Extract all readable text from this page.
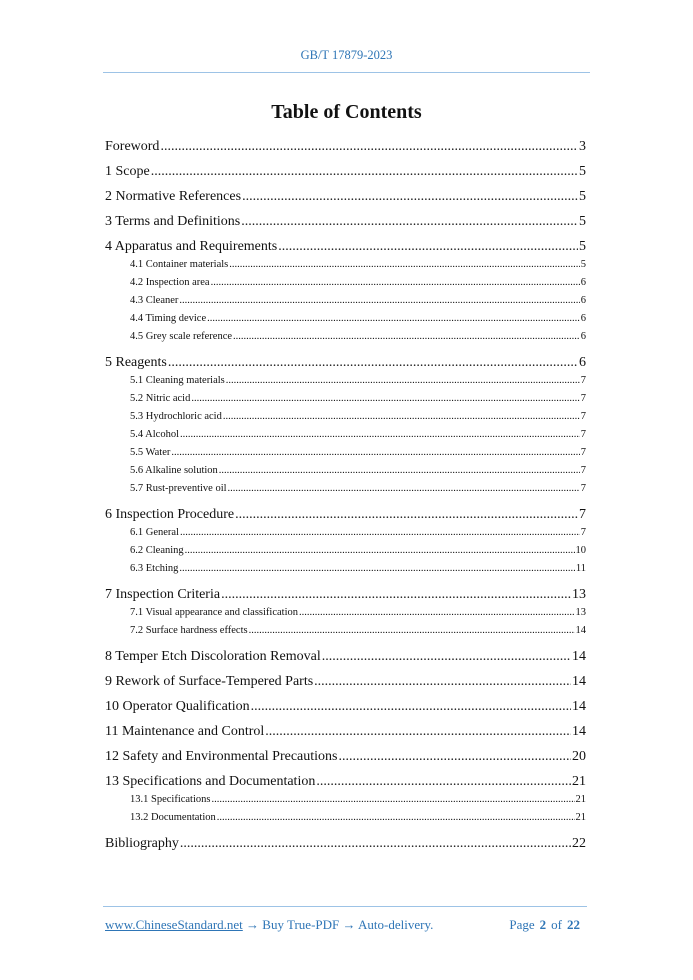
GB/T 17879-2023
Table of Contents
Foreword .....	3
1 Scope .....	5
2 Normative References .....	5
3 Terms and Definitions .....	5
4 Apparatus and Requirements .....	5
4.1 Container materials .....	5
4.2 Inspection area .....	6
4.3 Cleaner .....	6
4.4 Timing device .....	6
4.5 Grey scale reference .....	6
5 Reagents .....	6
5.1 Cleaning materials .....	7
5.2 Nitric acid .....	7
5.3 Hydrochloric acid .....	7
5.4 Alcohol .....	7
5.5 Water .....	7
5.6 Alkaline solution .....	7
5.7 Rust-preventive oil .....	7
6 Inspection Procedure .....	7
6.1 General .....	7
6.2 Cleaning .....	10
6.3 Etching .....	11
7 Inspection Criteria .....	13
7.1 Visual appearance and classification .....	13
7.2 Surface hardness effects .....	14
8 Temper Etch Discoloration Removal .....	14
9 Rework of Surface-Tempered Parts .....	14
10 Operator Qualification .....	14
11 Maintenance and Control .....	14
12 Safety and Environmental Precautions .....	20
13 Specifications and Documentation .....	21
13.1 Specifications .....	21
13.2 Documentation .....	21
Bibliography .....	22
www.ChineseStandard.net → Buy True-PDF → Auto-delivery.	Page 2 of 22
